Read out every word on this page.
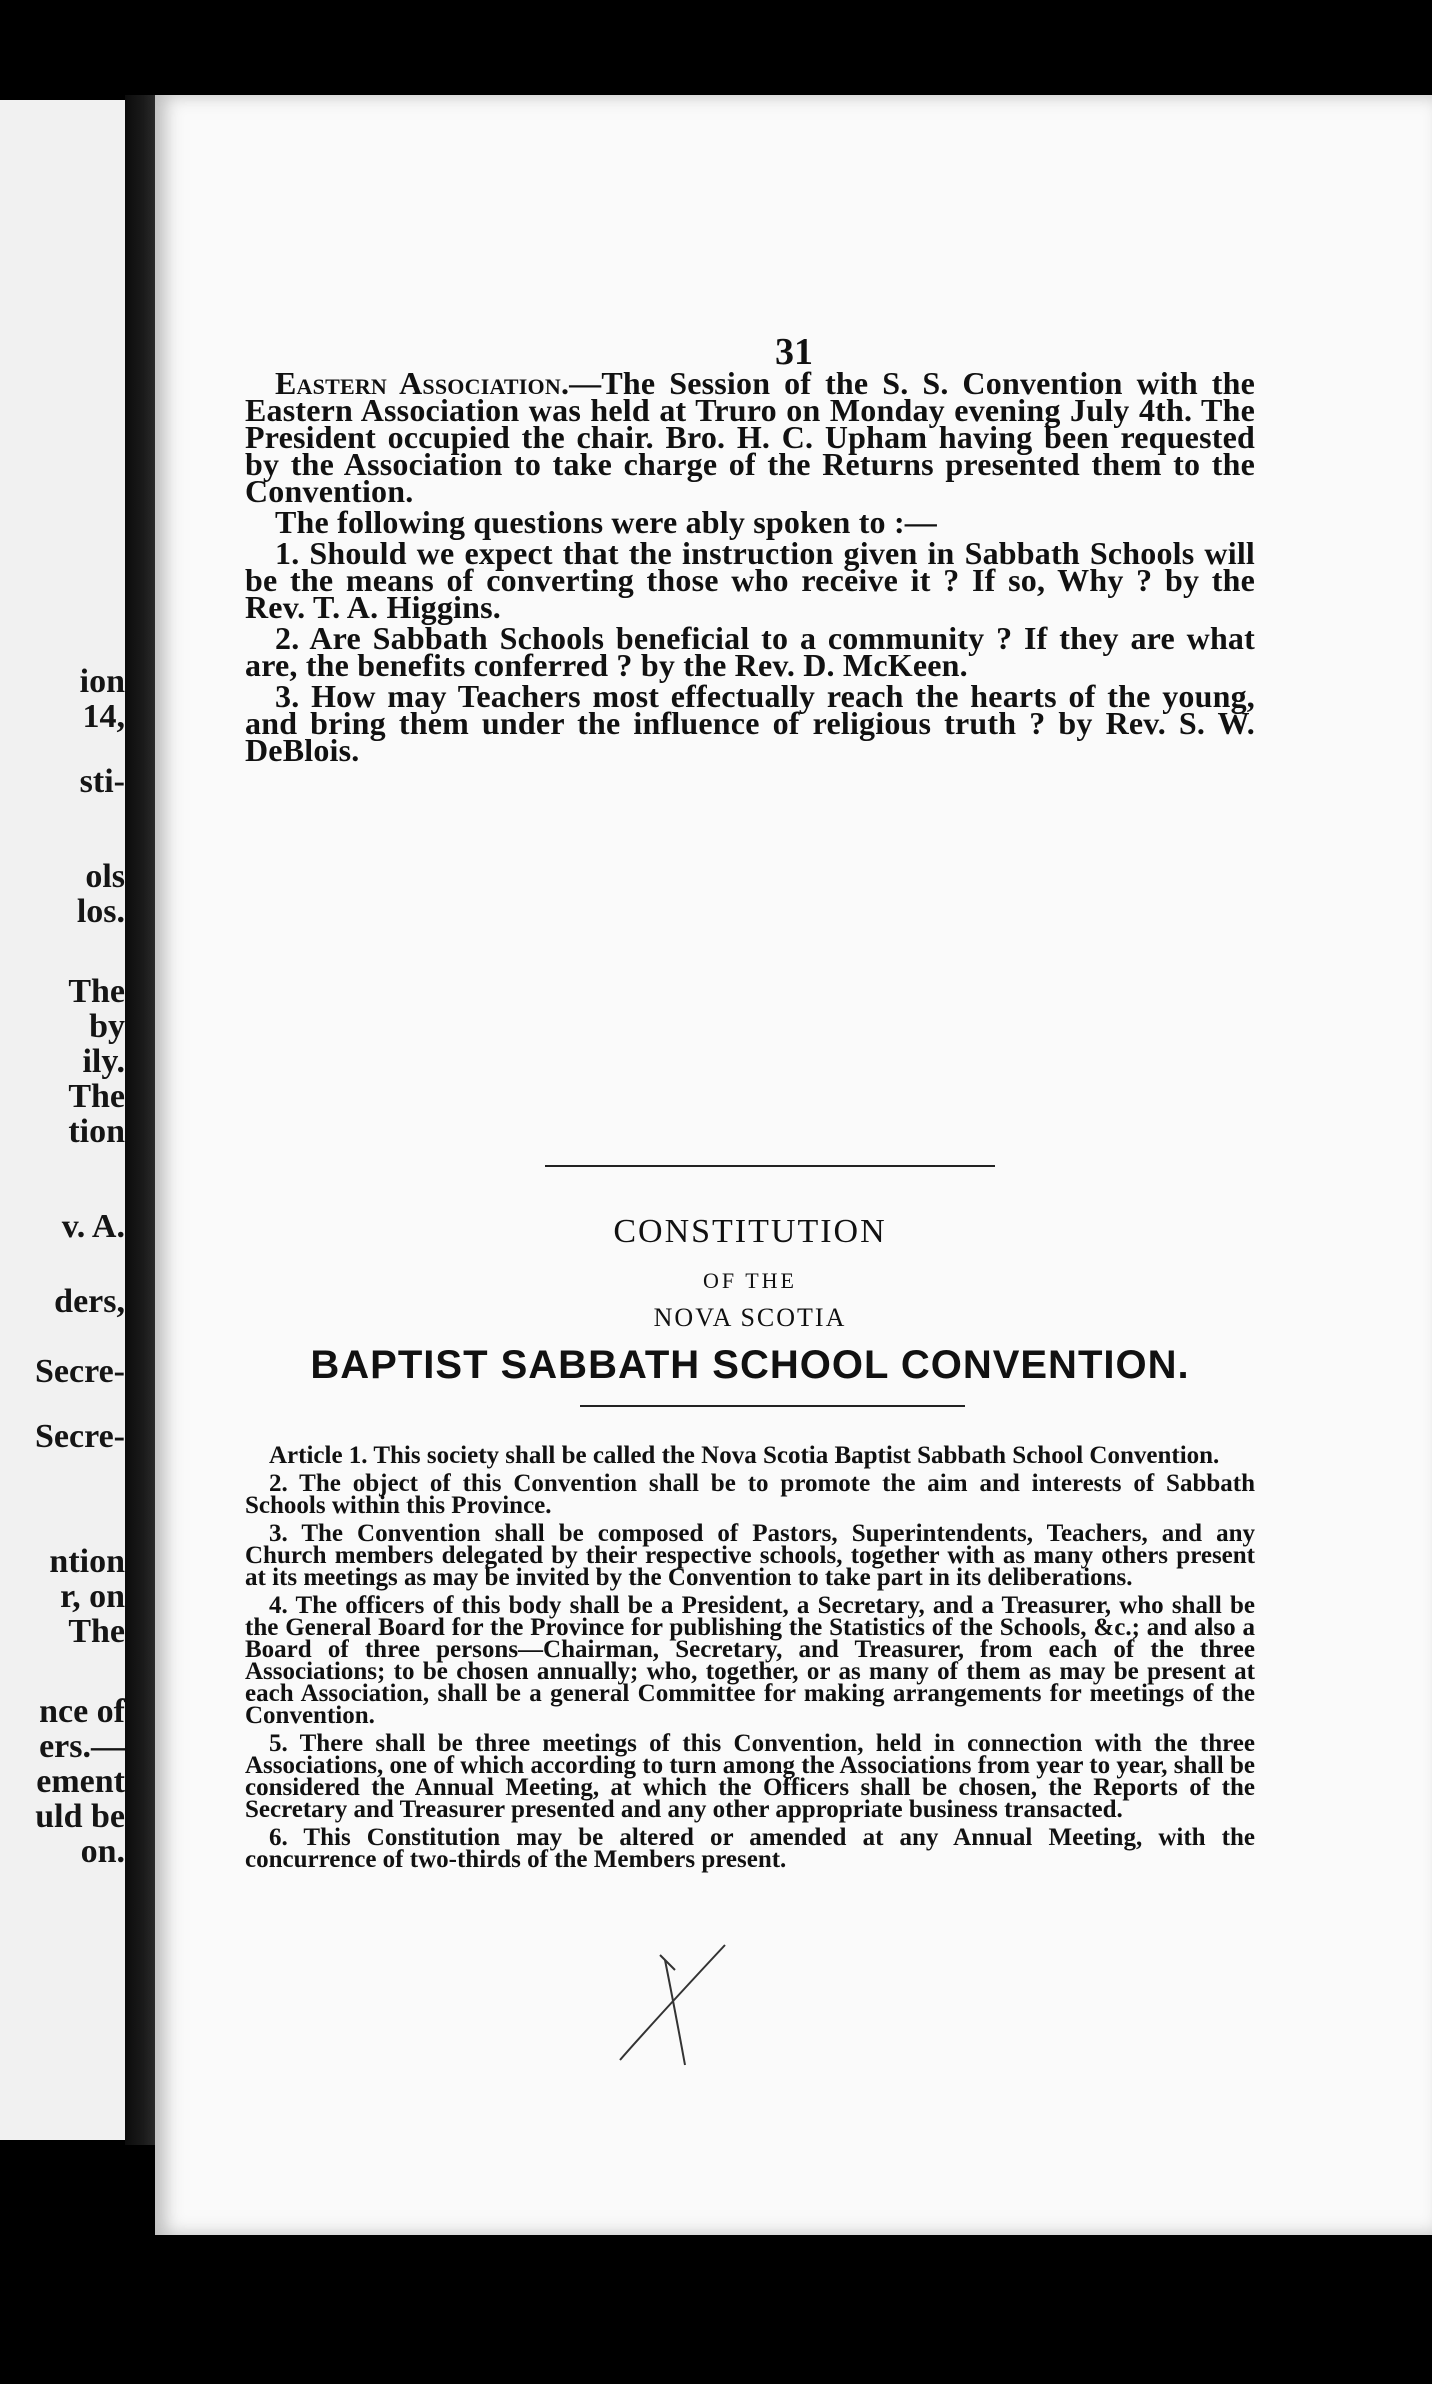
ion
14,
sti-
ols
los.
The
by
ily.
The
tion
v. A.
ders,
Secre-
Secre-
ntion
r, on
The
nce of
ers.—
ement
uld be
on.
31

Eastern Association.—The Session of the S. S. Convention with the Eastern Association was held at Truro on Monday evening July 4th. The President occupied the chair. Bro. H. C. Upham having been requested by the Association to take charge of the Returns presented them to the Convention.

The following questions were ably spoken to :—

1. Should we expect that the instruction given in Sabbath Schools will be the means of converting those who receive it ? If so, Why ? by the Rev. T. A. Higgins.

2. Are Sabbath Schools beneficial to a community ? If they are what are, the benefits conferred ? by the Rev. D. McKeen.

3. How may Teachers most effectually reach the hearts of the young, and bring them under the influence of religious truth ? by Rev. S. W. DeBlois.

CONSTITUTION
OF THE
NOVA SCOTIA
BAPTIST SABBATH SCHOOL CONVENTION.

Article 1. This society shall be called the Nova Scotia Baptist Sabbath School Convention.

2. The object of this Convention shall be to promote the aim and interests of Sabbath Schools within this Province.

3. The Convention shall be composed of Pastors, Superintendents, Teachers, and any Church members delegated by their respective schools, together with as many others present at its meetings as may be invited by the Convention to take part in its deliberations.

4. The officers of this body shall be a President, a Secretary, and a Treasurer, who shall be the General Board for the Province for publishing the Statistics of the Schools, &c.; and also a Board of three persons—Chairman, Secretary, and Treasurer, from each of the three Associations; to be chosen annually; who, together, or as many of them as may be present at each Association, shall be a general Committee for making arrangements for meetings of the Convention.

5. There shall be three meetings of this Convention, held in connection with the three Associations, one of which according to turn among the Associations from year to year, shall be considered the Annual Meeting, at which the Officers shall be chosen, the Reports of the Secretary and Treasurer presented and any other appropriate business transacted.

6. This Constitution may be altered or amended at any Annual Meeting, with the concurrence of two-thirds of the Members present.
